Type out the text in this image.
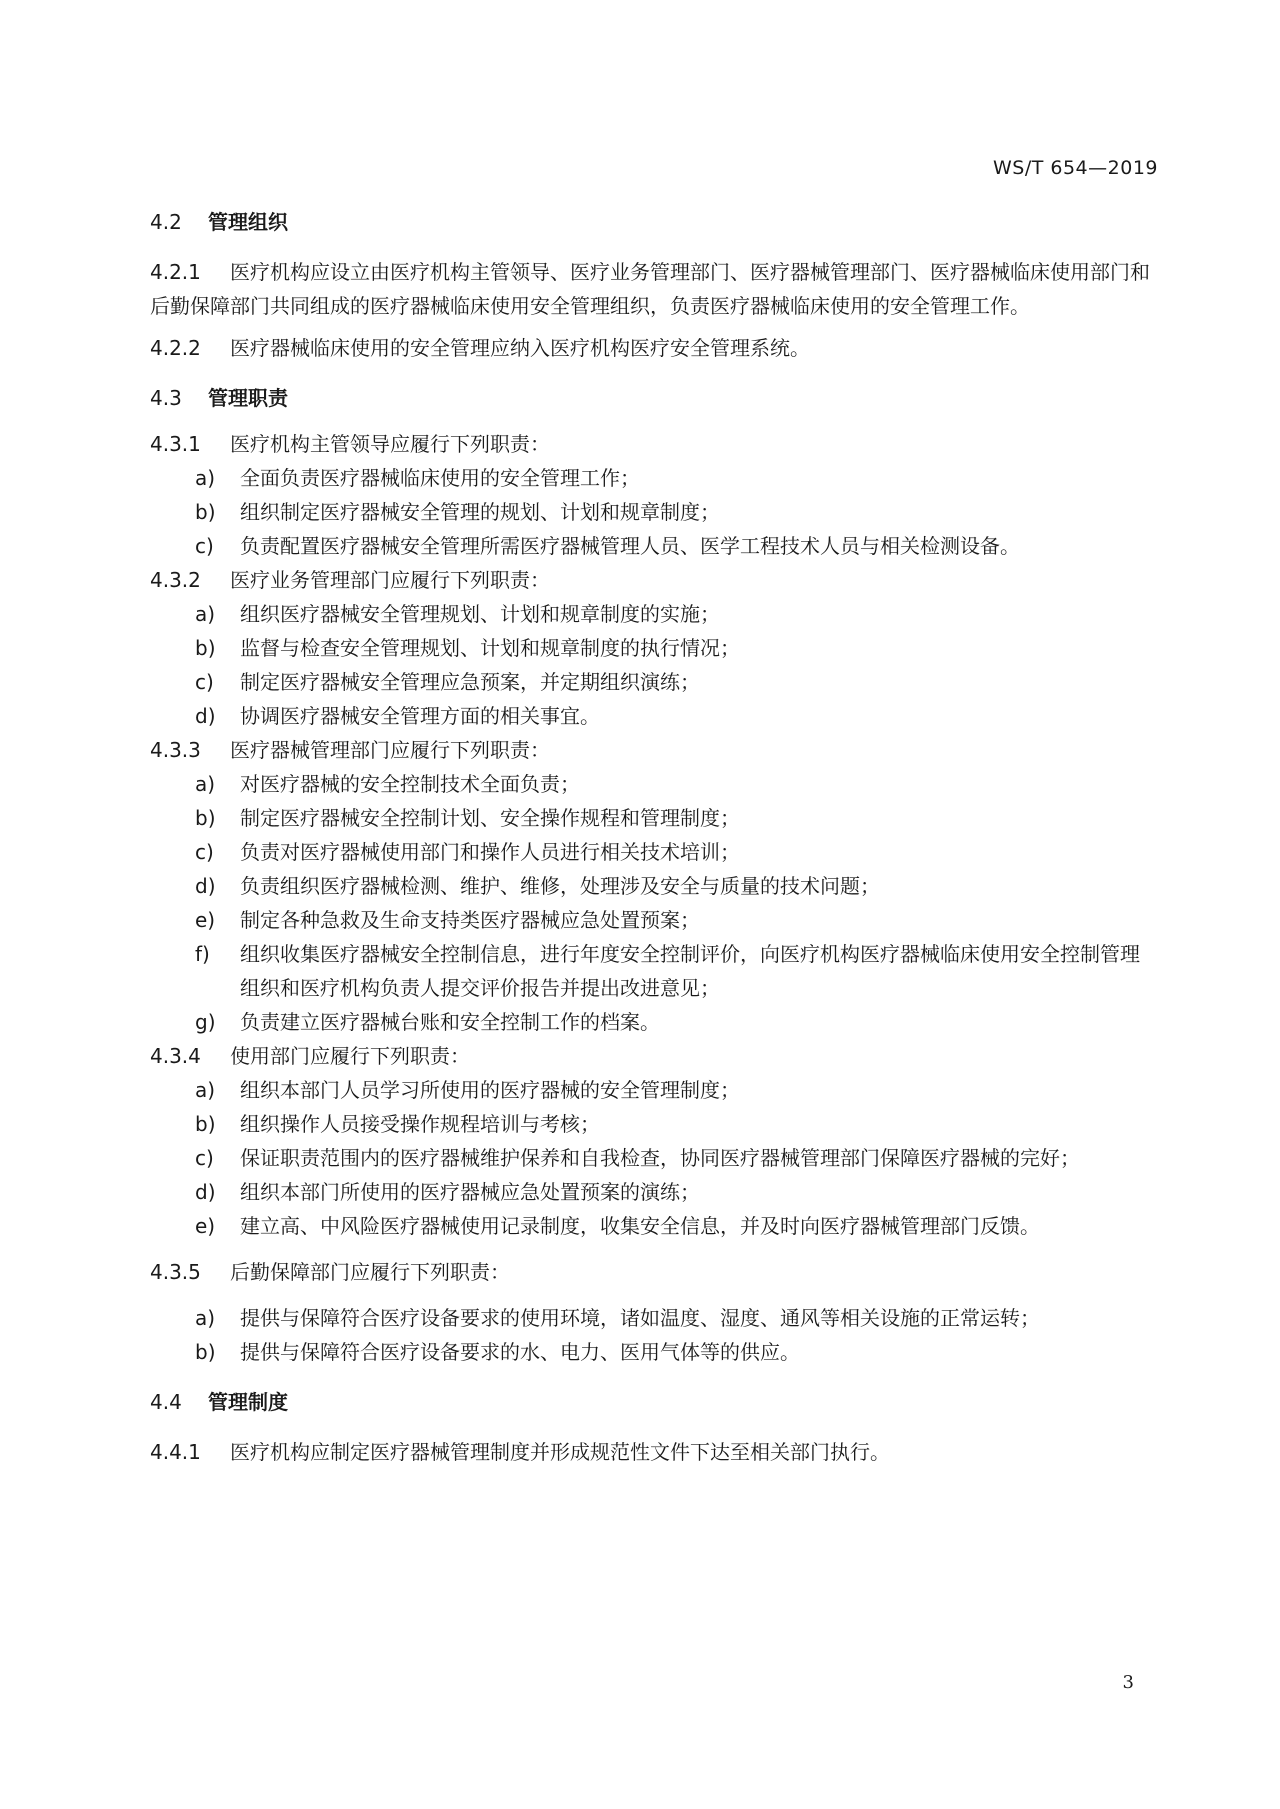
WS/T 654—2019
4.2	管理组织
4.2.1 医疗机构应设立由医疗机构主管领导、医疗业务管理部门、医疗器械管理部门、医疗器械临床使用部门和后勤保障部门共同组成的医疗器械临床使用安全管理组织，负责医疗器械临床使用的安全管理工作。
4.2.2	医疗器械临床使用的安全管理应纳入医疗机构医疗安全管理系统。
4.3	管理职责
4.3.1	医疗机构主管领导应履行下列职责：
a)	全面负责医疗器械临床使用的安全管理工作；
b)	组织制定医疗器械安全管理的规划、计划和规章制度；
c)	负责配置医疗器械安全管理所需医疗器械管理人员、医学工程技术人员与相关检测设备。
4.3.2	医疗业务管理部门应履行下列职责：
a)	组织医疗器械安全管理规划、计划和规章制度的实施；
b)	监督与检查安全管理规划、计划和规章制度的执行情况；
c)	制定医疗器械安全管理应急预案，并定期组织演练；
d)	协调医疗器械安全管理方面的相关事宜。
4.3.3	医疗器械管理部门应履行下列职责：
a)	对医疗器械的安全控制技术全面负责；
b)	制定医疗器械安全控制计划、安全操作规程和管理制度；
c)	负责对医疗器械使用部门和操作人员进行相关技术培训；
d)	负责组织医疗器械检测、维护、维修，处理涉及安全与质量的技术问题；
e)	制定各种急救及生命支持类医疗器械应急处置预案；
f)	组织收集医疗器械安全控制信息，进行年度安全控制评价，向医疗机构医疗器械临床使用安全控制管理组织和医疗机构负责人提交评价报告并提出改进意见；
g)	负责建立医疗器械台账和安全控制工作的档案。
4.3.4	使用部门应履行下列职责：
a)	组织本部门人员学习所使用的医疗器械的安全管理制度；
b)	组织操作人员接受操作规程培训与考核；
c)	保证职责范围内的医疗器械维护保养和自我检查，协同医疗器械管理部门保障医疗器械的完好；
d)	组织本部门所使用的医疗器械应急处置预案的演练；
e)	建立高、中风险医疗器械使用记录制度，收集安全信息，并及时向医疗器械管理部门反馈。
4.3.5	后勤保障部门应履行下列职责：
a)	提供与保障符合医疗设备要求的使用环境，诸如温度、湿度、通风等相关设施的正常运转；
b)	提供与保障符合医疗设备要求的水、电力、医用气体等的供应。
4.4	管理制度
4.4.1	医疗机构应制定医疗器械管理制度并形成规范性文件下达至相关部门执行。
3
